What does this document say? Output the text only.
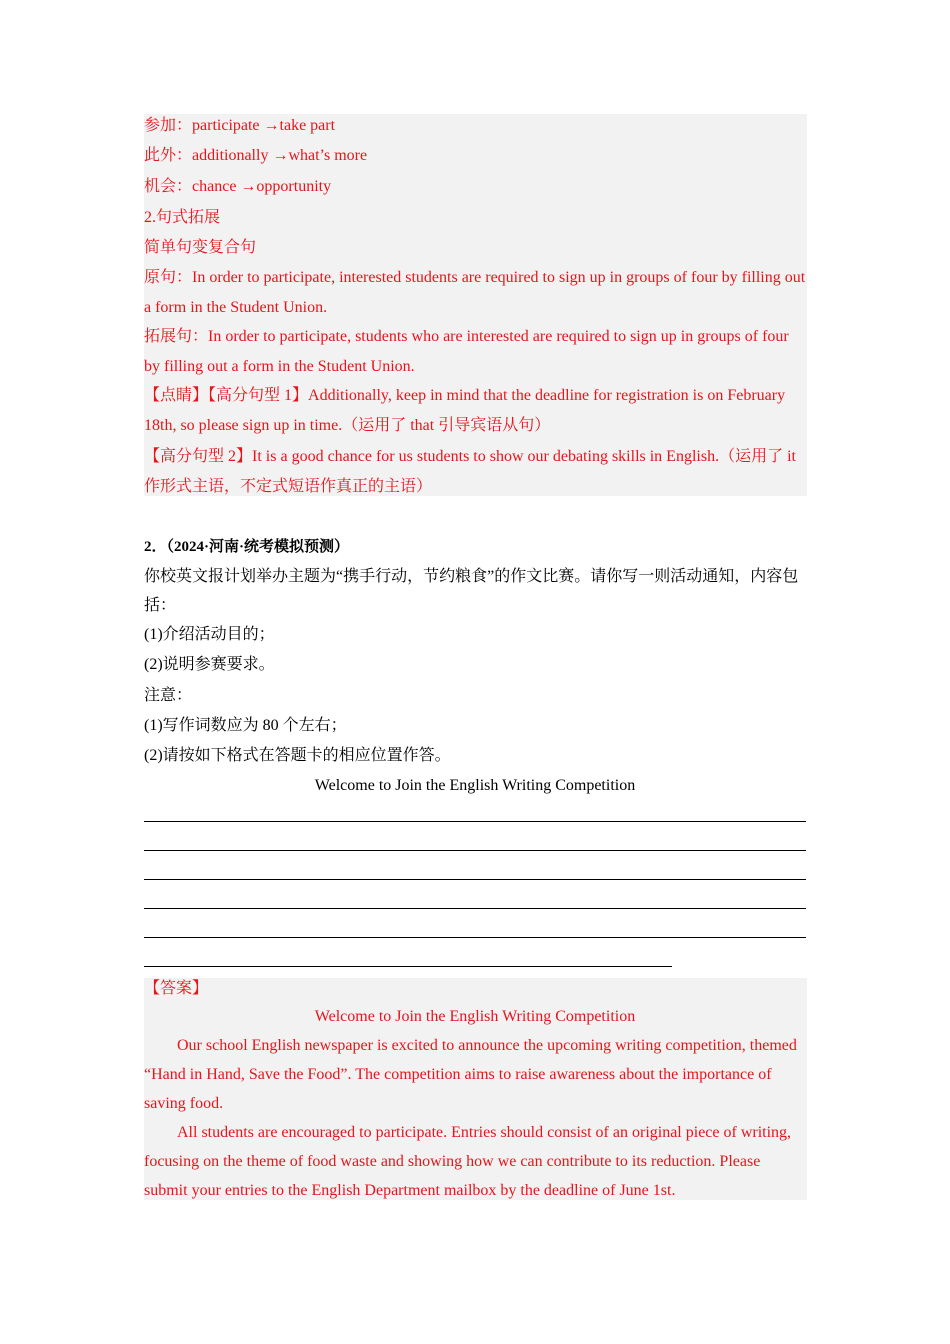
参加：participate →take part
此外：additionally →what’s more
机会：chance →opportunity
2.句式拓展
简单句变复合句
原句：In order to participate, interested students are required to sign up in groups of four by filling out a form in the Student Union.
拓展句：In order to participate, students who are interested are required to sign up in groups of four by filling out a form in the Student Union.
【点睛】【高分句型 1】Additionally, keep in mind that the deadline for registration is on February 18th, so please sign up in time.（运用了 that 引导宾语从句）
【高分句型 2】It is a good chance for us students to show our debating skills in English.（运用了 it 作形式主语，不定式短语作真正的主语）
2．（2024·河南·统考模拟预测）
你校英文报计划举办主题为“携手行动，节约粮食”的作文比赛。请你写一则活动通知，内容包括：
(1)介绍活动目的；
(2)说明参赛要求。
注意：
(1)写作词数应为 80 个左右；
(2)请按如下格式在答题卡的相应位置作答。
Welcome to Join the English Writing Competition
【答案】
Welcome to Join the English Writing Competition
Our school English newspaper is excited to announce the upcoming writing competition, themed “Hand in Hand, Save the Food”. The competition aims to raise awareness about the importance of saving food.
All students are encouraged to participate. Entries should consist of an original piece of writing, focusing on the theme of food waste and showing how we can contribute to its reduction. Please submit your entries to the English Department mailbox by the deadline of June 1st.
